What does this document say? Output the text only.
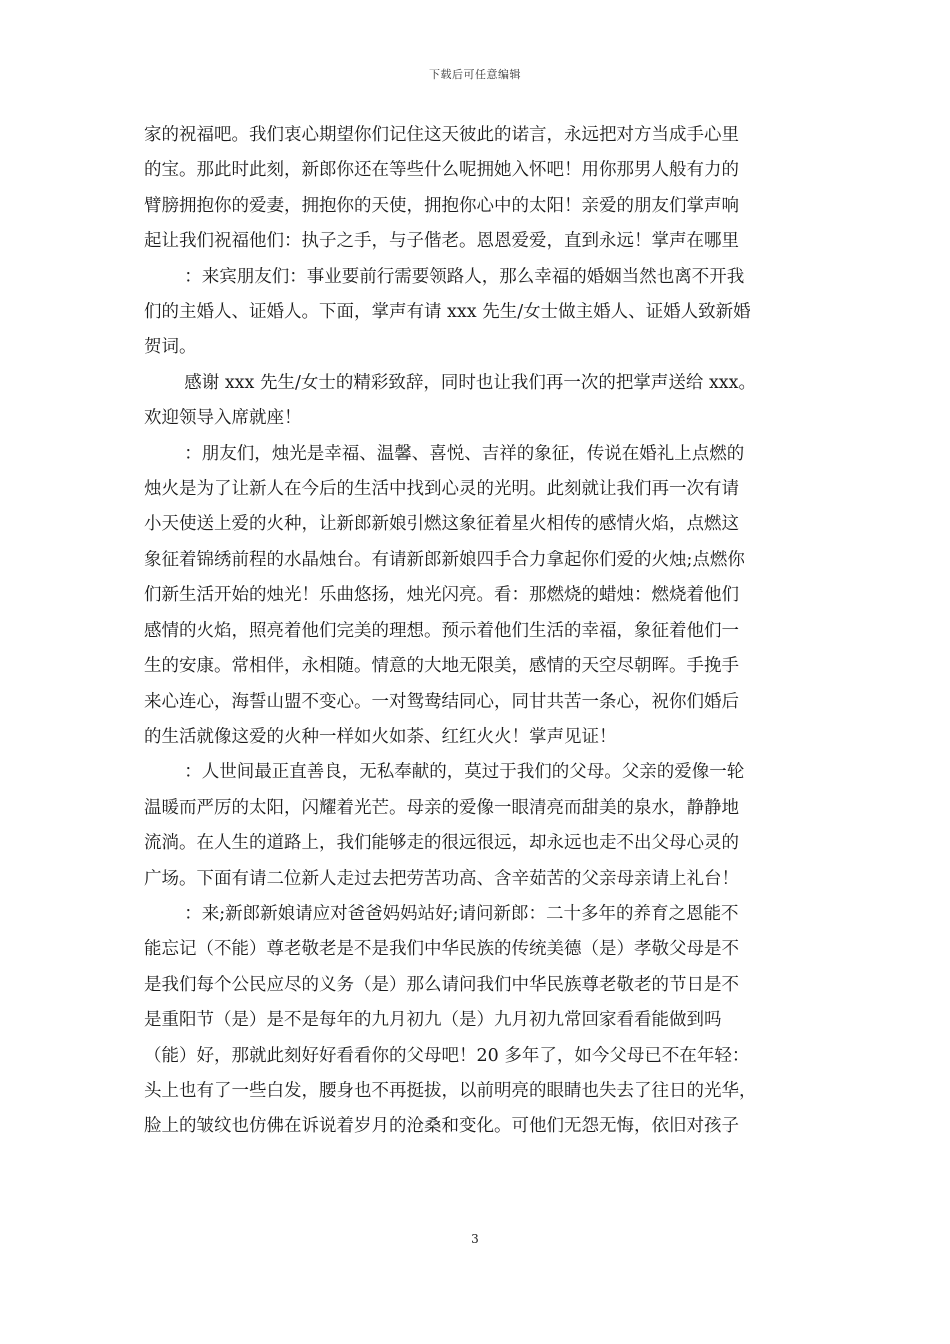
下载后可任意编辑
家的祝福吧。我们衷心期望你们记住这天彼此的诺言，永远把对方当成手心里
的宝。那此时此刻，新郎你还在等些什么呢拥她入怀吧！用你那男人般有力的
臂膀拥抱你的爱妻，拥抱你的天使，拥抱你心中的太阳！亲爱的朋友们掌声响
起让我们祝福他们：执子之手，与子偕老。恩恩爱爱，直到永远！掌声在哪里
：来宾朋友们：事业要前行需要领路人，那么幸福的婚姻当然也离不开我
们的主婚人、证婚人。下面，掌声有请 xxx 先生/女士做主婚人、证婚人致新婚
贺词。
感谢 xxx 先生/女士的精彩致辞，同时也让我们再一次的把掌声送给 xxx。
欢迎领导入席就座！
：朋友们，烛光是幸福、温馨、喜悦、吉祥的象征，传说在婚礼上点燃的
烛火是为了让新人在今后的生活中找到心灵的光明。此刻就让我们再一次有请
小天使送上爱的火种，让新郎新娘引燃这象征着星火相传的感情火焰，点燃这
象征着锦绣前程的水晶烛台。有请新郎新娘四手合力拿起你们爱的火烛;点燃你
们新生活开始的烛光！乐曲悠扬，烛光闪亮。看：那燃烧的蜡烛：燃烧着他们
感情的火焰，照亮着他们完美的理想。预示着他们生活的幸福，象征着他们一
生的安康。常相伴，永相随。情意的大地无限美，感情的天空尽朝晖。手挽手
来心连心，海誓山盟不变心。一对鸳鸯结同心，同甘共苦一条心，祝你们婚后
的生活就像这爱的火种一样如火如荼、红红火火！掌声见证！
：人世间最正直善良，无私奉献的，莫过于我们的父母。父亲的爱像一轮
温暖而严厉的太阳，闪耀着光芒。母亲的爱像一眼清亮而甜美的泉水，静静地
流淌。在人生的道路上，我们能够走的很远很远，却永远也走不出父母心灵的
广场。下面有请二位新人走过去把劳苦功高、含辛茹苦的父亲母亲请上礼台！
：来;新郎新娘请应对爸爸妈妈站好;请问新郎：二十多年的养育之恩能不
能忘记（不能）尊老敬老是不是我们中华民族的传统美德（是）孝敬父母是不
是我们每个公民应尽的义务（是）那么请问我们中华民族尊老敬老的节日是不
是重阳节（是）是不是每年的九月初九（是）九月初九常回家看看能做到吗
（能）好，那就此刻好好看看你的父母吧！20 多年了，如今父母已不在年轻：
头上也有了一些白发，腰身也不再挺拔，以前明亮的眼睛也失去了往日的光华，
脸上的皱纹也仿佛在诉说着岁月的沧桑和变化。可他们无怨无悔，依旧对孩子
3
